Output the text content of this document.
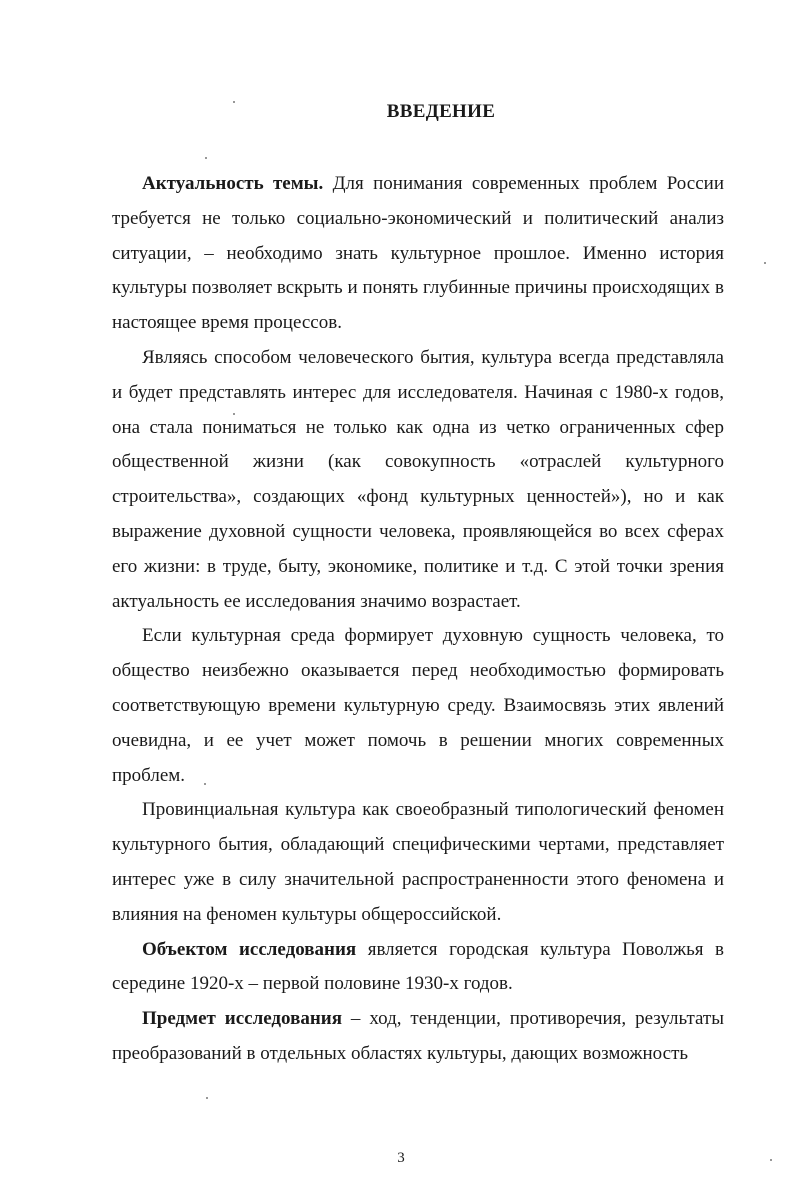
ВВЕДЕНИЕ

Актуальность темы. Для понимания современных проблем России требуется не только социально-экономический и политический анализ ситуации, – необходимо знать культурное прошлое. Именно история культуры позволяет вскрыть и понять глубинные причины происходящих в настоящее время процессов.

Являясь способом человеческого бытия, культура всегда представляла и будет представлять интерес для исследователя. Начиная с 1980-х годов, она стала пониматься не только как одна из четко ограниченных сфер общественной жизни (как совокупность «отраслей культурного строительства», создающих «фонд культурных ценностей»), но и как выражение духовной сущности человека, проявляющейся во всех сферах его жизни: в труде, быту, экономике, политике и т.д. С этой точки зрения актуальность ее исследования значимо возрастает.

Если культурная среда формирует духовную сущность человека, то общество неизбежно оказывается перед необходимостью формировать соответствующую времени культурную среду. Взаимосвязь этих явлений очевидна, и ее учет может помочь в решении многих современных проблем.

Провинциальная культура как своеобразный типологический феномен культурного бытия, обладающий специфическими чертами, представляет интерес уже в силу значительной распространенности этого феномена и влияния на феномен культуры общероссийской.

Объектом исследования является городская культура Поволжья в середине 1920-х – первой половине 1930-х годов.

Предмет исследования – ход, тенденции, противоречия, результаты преобразований в отдельных областях культуры, дающих возможность

3
